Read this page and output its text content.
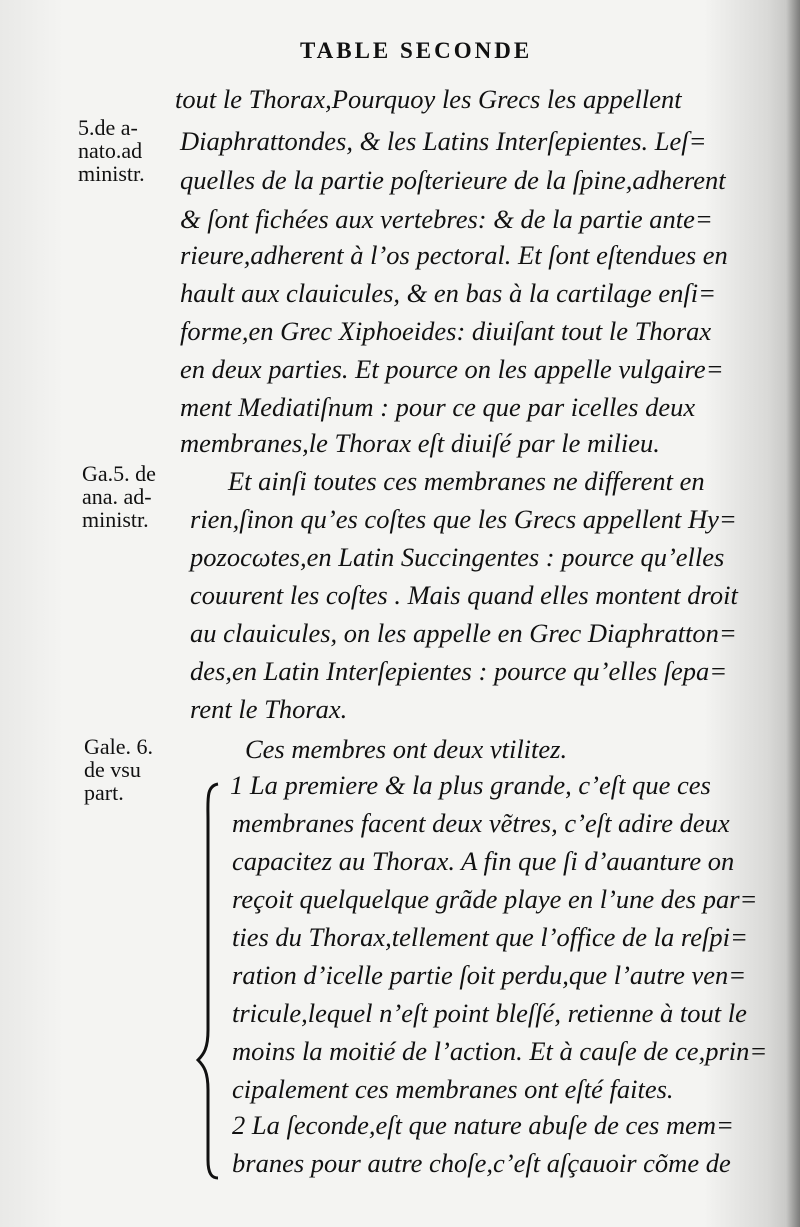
TABLE SECONDE
5.de a-
nato.ad
ministr.
Ga.5. de
ana. ad-
ministr.
Gale. 6.
de vsu
part.
tout le Thorax,Pourquoy les Grecs les appellent
Diaphrattondes, & les Latins Interſepientes. Leſ=
quelles de la partie poſterieure de la ſpine,adherent
& ſont fichées aux vertebres: & de la partie ante=
rieure,adherent à l’os pectoral. Et ſont eſtendues en
hault aux clauicules, & en bas à la cartilage enſi=
forme,en Grec Xiphoeides: diuiſant tout le Thorax
en deux parties. Et pource on les appelle vulgaire=
ment Mediatiſnum : pour ce que par icelles deux
membranes,le Thorax eſt diuiſé par le milieu.
Et ainſi toutes ces membranes ne different en
rien,ſinon qu’es coſtes que les Grecs appellent Hy=
pozocωtes,en Latin Succingentes : pource qu’elles
couurent les coſtes . Mais quand elles montent droit
au clauicules, on les appelle en Grec Diaphratton=
des,en Latin Interſepientes : pource qu’elles ſepa=
rent le Thorax.
Ces membres ont deux vtilitez.
1 La premiere & la plus grande, c’eſt que ces
membranes facent deux vẽtres, c’eſt adire deux
capacitez au Thorax. A fin que ſi d’auanture on
reçoit quelquelque grãde playe en l’une des par=
ties du Thorax,tellement que l’office de la reſpi=
ration d’icelle partie ſoit perdu,que l’autre ven=
tricule,lequel n’eſt point bleſſé, retienne à tout le
moins la moitié de l’action. Et à cauſe de ce,prin=
cipalement ces membranes ont eſté faites.
2 La ſeconde,eſt que nature abuſe de ces mem=
branes pour autre choſe,c’eſt aſçauoir cõme de
